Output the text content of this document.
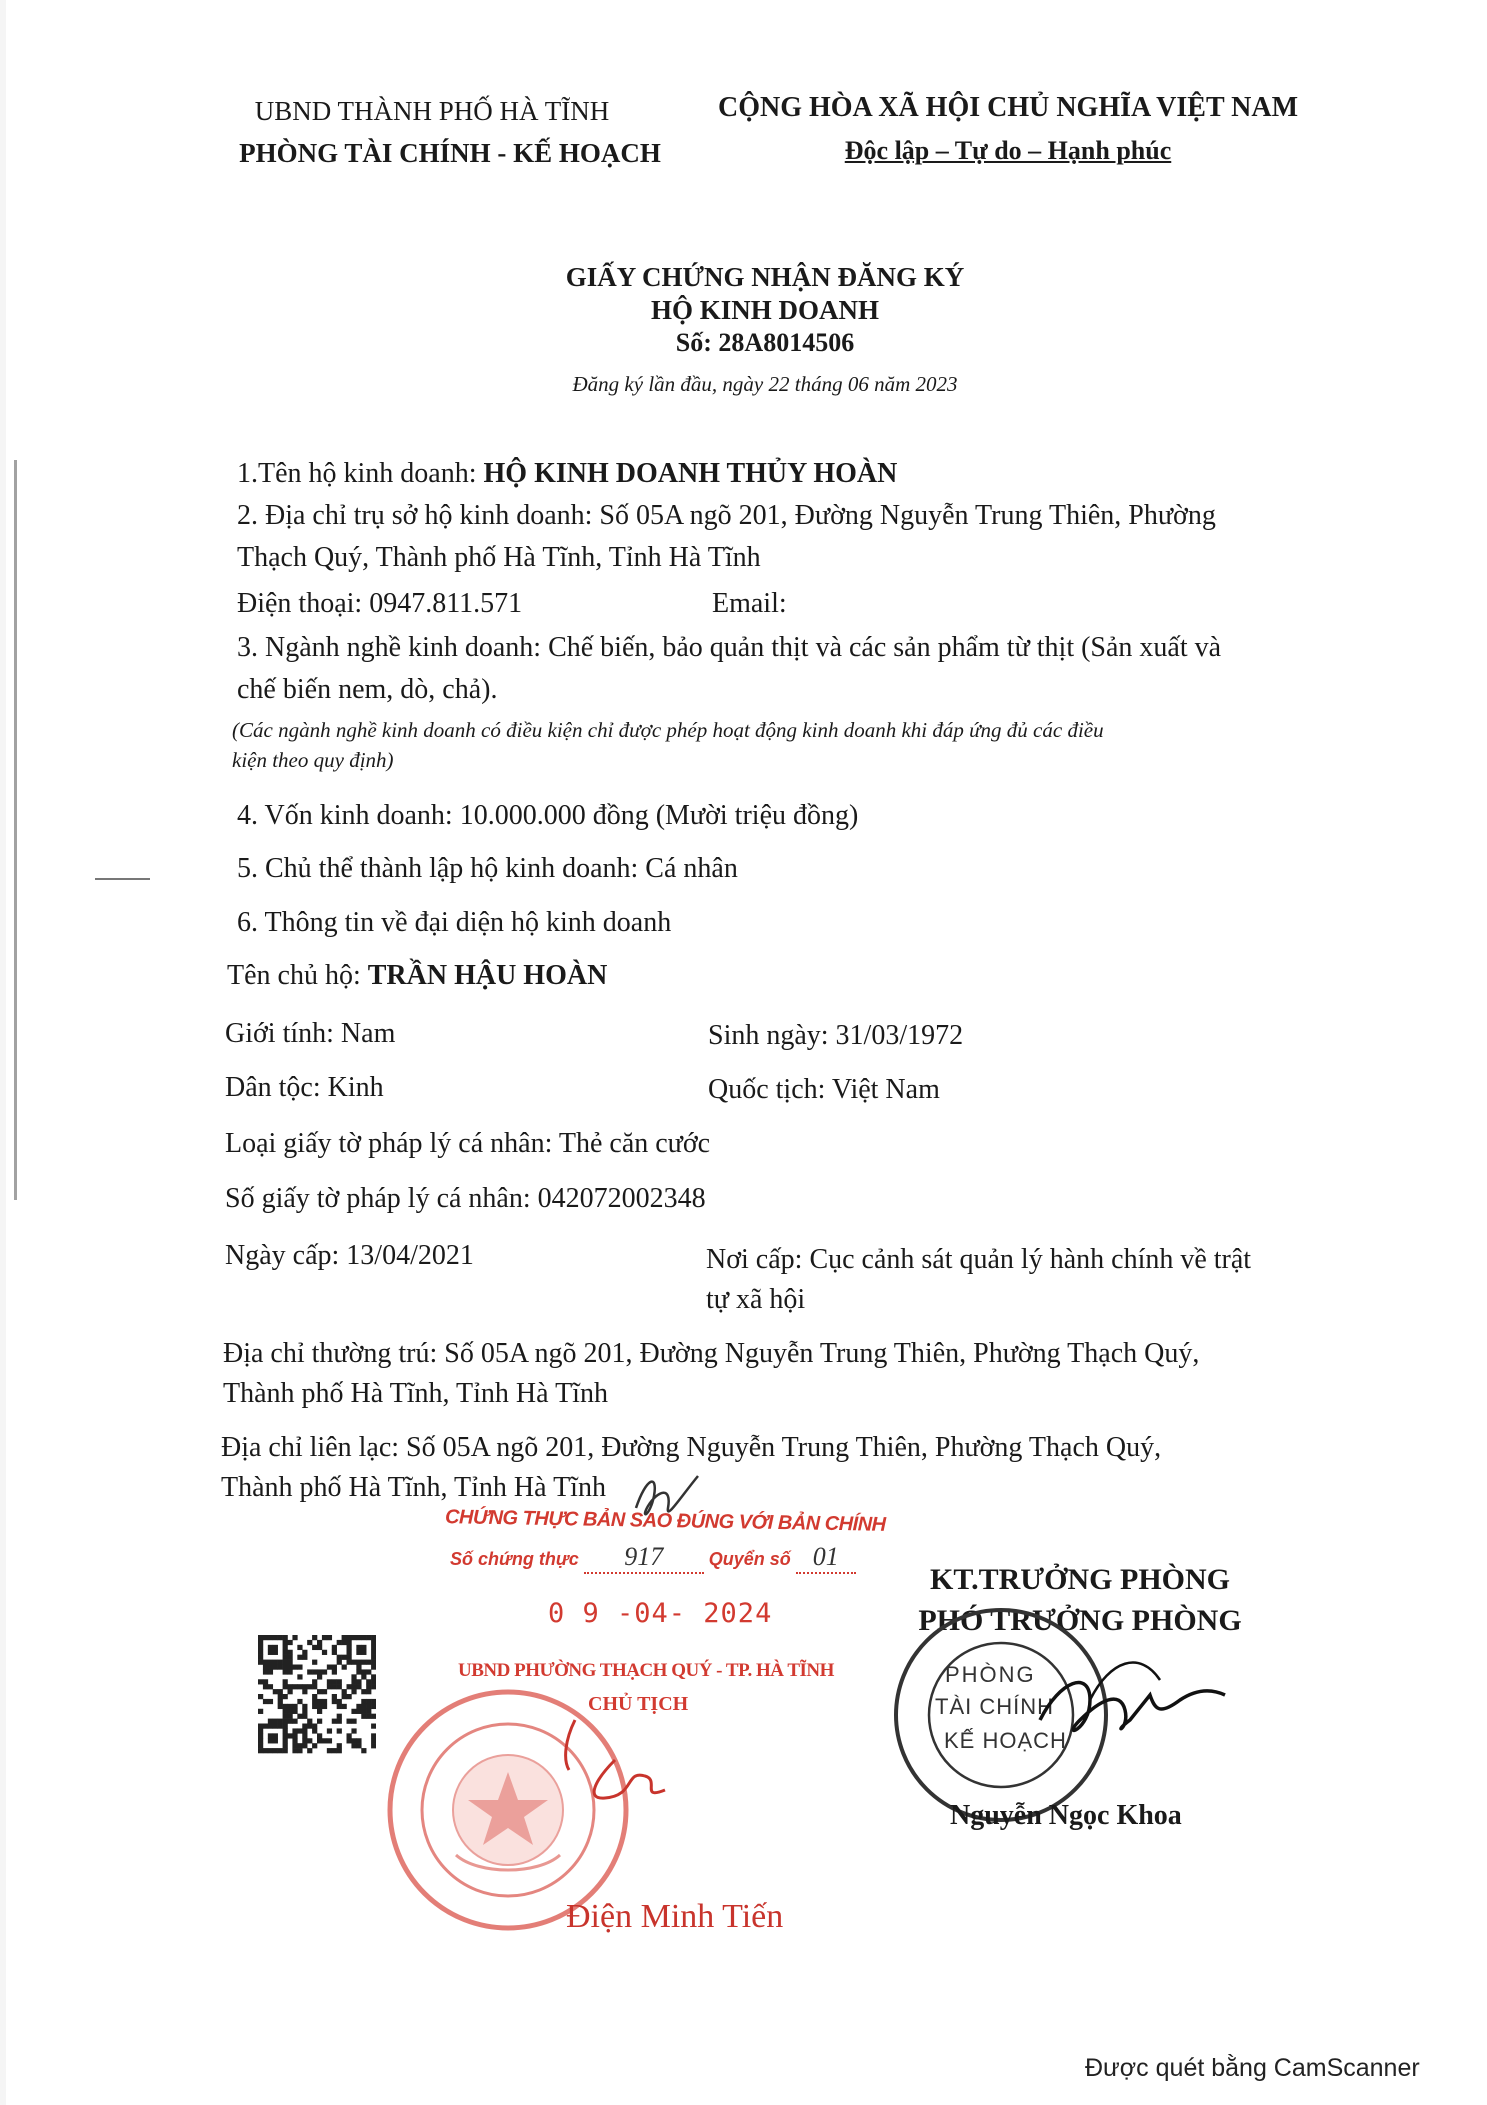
UBND THÀNH PHỐ HÀ TĨNH
PHÒNG TÀI CHÍNH - KẾ HOẠCH
CỘNG HÒA XÃ HỘI CHỦ NGHĨA VIỆT NAM
Độc lập – Tự do – Hạnh phúc
GIẤY CHỨNG NHẬN ĐĂNG KÝ
HỘ KINH DOANH
Số: 28A8014506
Đăng ký lần đầu, ngày 22 tháng 06 năm 2023
1.Tên hộ kinh doanh: HỘ KINH DOANH THỦY HOÀN
2. Địa chỉ trụ sở hộ kinh doanh: Số 05A ngõ 201, Đường Nguyễn Trung Thiên, Phường
Thạch Quý, Thành phố Hà Tĩnh, Tỉnh Hà Tĩnh
Điện thoại: 0947.811.571	Email:
3. Ngành nghề kinh doanh: Chế biến, bảo quản thịt và các sản phẩm từ thịt (Sản xuất và
chế biến nem, dò, chả).
(Các ngành nghề kinh doanh có điều kiện chỉ được phép hoạt động kinh doanh khi đáp ứng đủ các điều
kiện theo quy định)
4. Vốn kinh doanh: 10.000.000 đồng (Mười triệu đồng)
5. Chủ thể thành lập hộ kinh doanh: Cá nhân
6. Thông tin về đại diện hộ kinh doanh
Tên chủ hộ: TRẦN HẬU HOÀN
Giới tính: Nam	Sinh ngày: 31/03/1972
Dân tộc: Kinh	Quốc tịch: Việt Nam
Loại giấy tờ pháp lý cá nhân: Thẻ căn cước
Số giấy tờ pháp lý cá nhân: 042072002348
Ngày cấp: 13/04/2021	Nơi cấp: Cục cảnh sát quản lý hành chính về trật
tự xã hội
Địa chỉ thường trú: Số 05A ngõ 201, Đường Nguyễn Trung Thiên, Phường Thạch Quý,
Thành phố Hà Tĩnh, Tỉnh Hà Tĩnh
Địa chỉ liên lạc: Số 05A ngõ 201, Đường Nguyễn Trung Thiên, Phường Thạch Quý,
Thành phố Hà Tĩnh, Tỉnh Hà Tĩnh
CHỨNG THỰC BẢN SAO ĐÚNG VỚI BẢN CHÍNH
Số chứng thực 917	Quyển số 01
0 9 -04- 2024
UBND PHƯỜNG THẠCH QUÝ - TP. HÀ TĨNH
CHỦ TỊCH
Điện Minh Tiến
KT.TRƯỞNG PHÒNG
PHÓ TRƯỞNG PHÒNG
PHÒNG
TÀI CHÍNH
KẾ HOẠCH
Nguyễn Ngọc Khoa
Được quét bằng CamScanner
